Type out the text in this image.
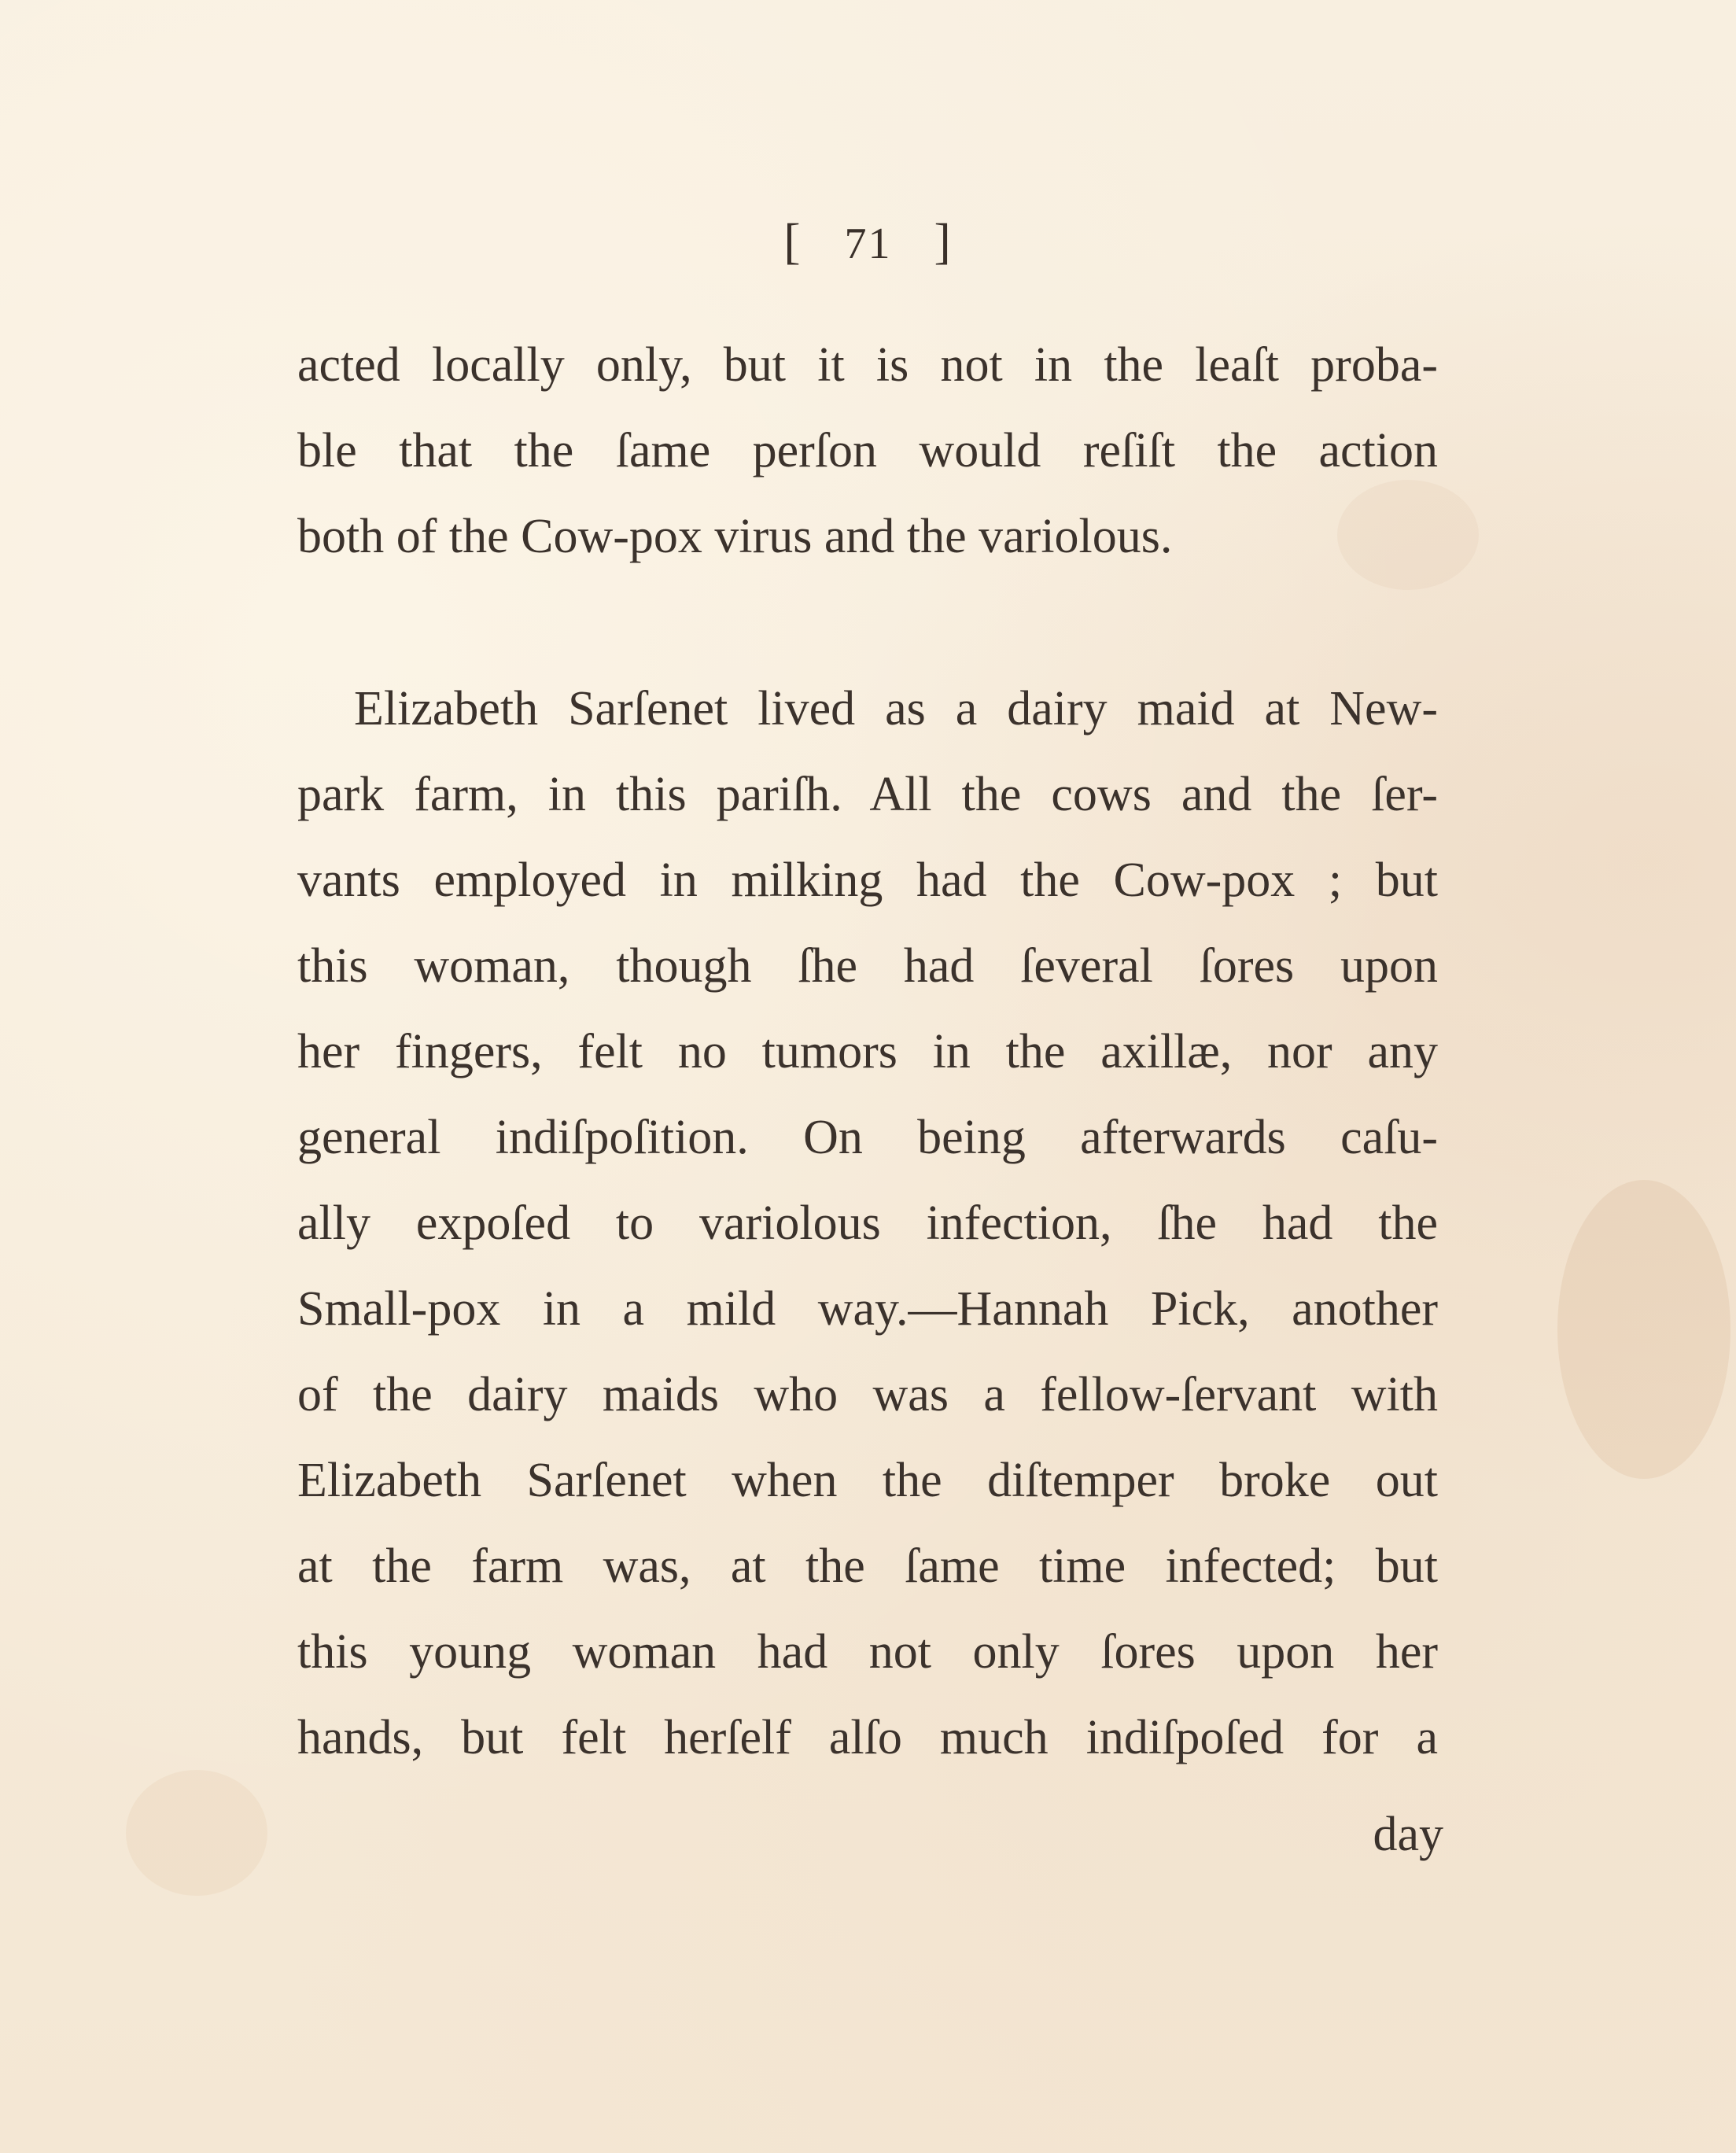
[ 71 ]
acted locally only, but it is not in the leaſt proba-
ble that the ſame perſon would reſiſt the action
both of the Cow-pox virus and the variolous.
Elizabeth Sarſenet lived as a dairy maid at New-
park farm, in this pariſh. All the cows and the ſer-
vants employed in milking had the Cow-pox ; but
this woman, though ſhe had ſeveral ſores upon
her fingers, felt no tumors in the axillæ, nor any
general indiſpoſition. On being afterwards caſu-
ally expoſed to variolous infection, ſhe had the
Small-pox in a mild way.—Hannah Pick, another
of the dairy maids who was a fellow-ſervant with
Elizabeth Sarſenet when the diſtemper broke out
at the farm was, at the ſame time infected; but
this young woman had not only ſores upon her
hands, but felt herſelf alſo much indiſpoſed for a
day
